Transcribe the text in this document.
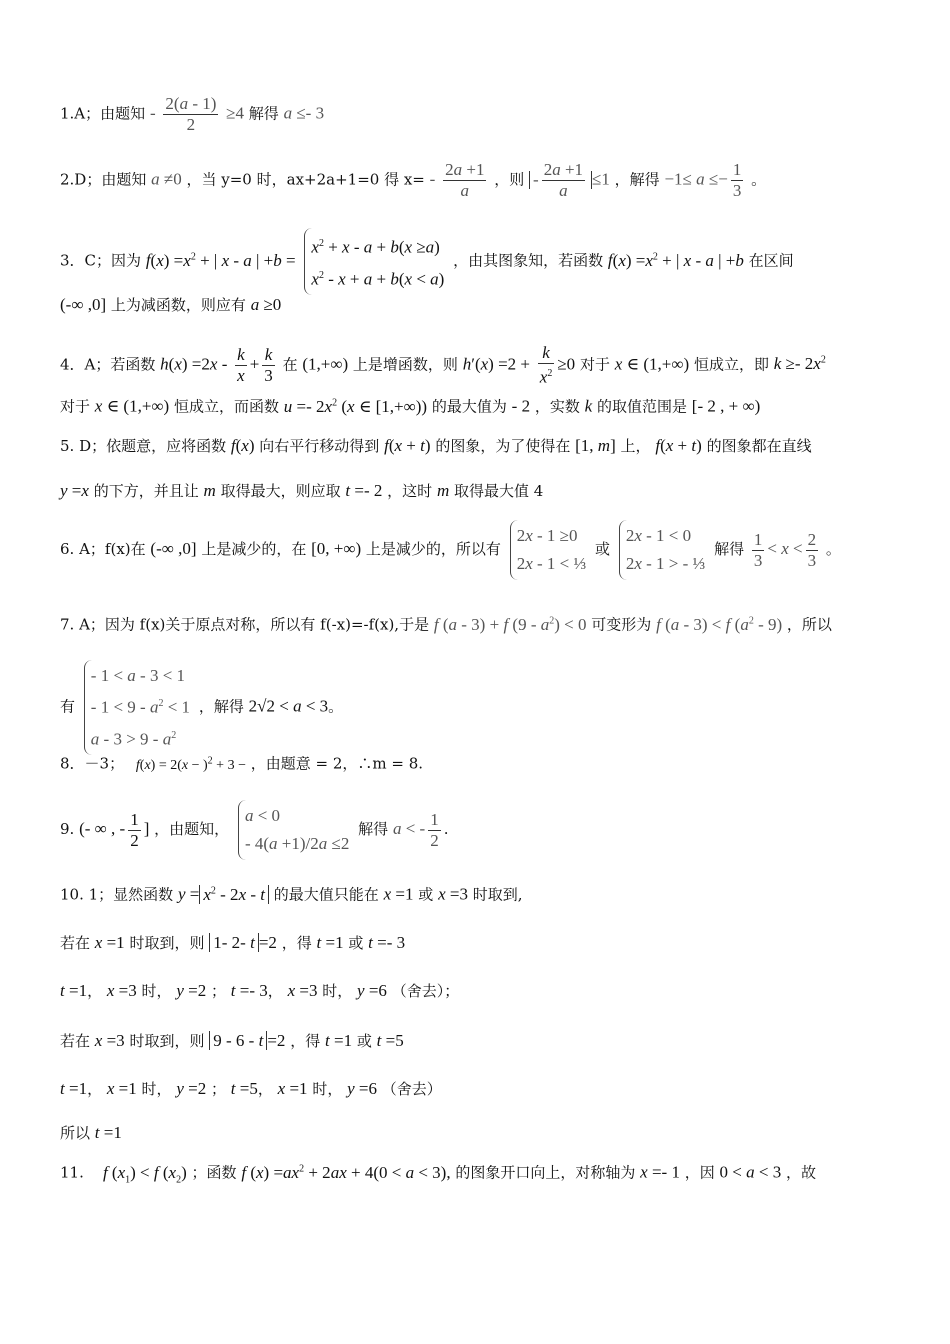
1.A；由题知 - $\frac{2(a - 1)}{2} \ge 4$ 解得 a ≤- 3
2.D；由题知 a ≠0 ，当 y=0 时，ax+2a+1=0 得 $x= - \frac{2a +1}{a}$ ，则 - $\frac{2a +1}{a} \le 1$ ，解得 $-1\le a \le- \frac{1}{3}$ 。
3．C；因为 $f(x) =x^2$ + | x - a | +b =
$x^2 + x - a + b(x \ge a)$
$x^2 - x + a + b(x < a)$
，由其图象知，若函数 $f(x) =x^2$ + | x - a | +b 在区间
(-∞ ,0] 上为减函数，则应有 a ≥0
4．A；若函数 $h(x) =2x - \frac{k}{x} + \frac{k}{3}$ 在 (1,+∞) 上是增函数，则 $h'(x) =2 + \frac{k}{x^2} \ge 0$ 对于 x ∈ (1,+∞) 恒成立，即 $k \ge- 2x^2$
对于 x ∈ (1,+∞) 恒成立，而函数 $u =- 2x^2$ (x ∈ [1,+∞)) 的最大值为 - 2 ，实数 k 的取值范围是 [- 2 , + ∞)
5. D；依题意，应将函数 f(x) 向右平行移动得到 f(x + t) 的图象，为了使得在 [1, m] 上， f(x + t) 的图象都在直线
y =x 的下方，并且让 m 取得最大，则应取 t =- 2 ，这时 m 取得最大值 4
6. A；f(x)在 (-∞ ,0] 上是减少的，在 [0, +∞) 上是减少的，所以有
2x - 1 ≥0
2x - 1 < ⅓
或
2x - 1 < 0
2x - 1 > - ⅓
解得 $\frac{1}{3} < x < \frac{2}{3}$ 。
7. A；因为 f(x)关于原点对称，所以有 f(-x)=-f(x),于是 f (a - 3) + f $(9 - a^2) < 0$ 可变形为 f (a - 3) < f $(a^2 - 9)$ ，所以
有
- 1 < a - 3 < 1
- $1 < 9 - a^2 < 1$
$a - 3 > 9 - a^2$
，解得 2√2 < a < 3。
8．－3； $f(x) = 2(x - )^2 + 3$ − ，由题意 = 2，∴m = 8.
9. (- ∞ , - $\frac{1}{2}$ ] ，由题知，
a < 0
- 4(a +1)/2a ≤2
解得 a < - $\frac{1}{2}$ .
10. 1；显然函数 $y = x^2 - 2x - t$ 的最大值只能在 x =1 或 x =3 时取到,
若在 x =1 时取到，则 1- 2- t =2 ，得 t =1 或 t =- 3
t =1， x =3 时， y =2 ； t =- 3， x =3 时， y =6 （舍去）；
若在 x =3 时取到，则 9 - 6 - t =2 ，得 t =1 或 t =5
t =1， x =1 时， y =2 ； t =5， x =1 时， y =6 （舍去）
所以 t =1
11. f $(x_1) < f$ $(x_2)$ ；函数 f $(x) =ax^2 + 2ax + 4(0 < a < 3)$, 的图象开口向上，对称轴为 x =- 1 ，因 0 < a < 3 ，故
